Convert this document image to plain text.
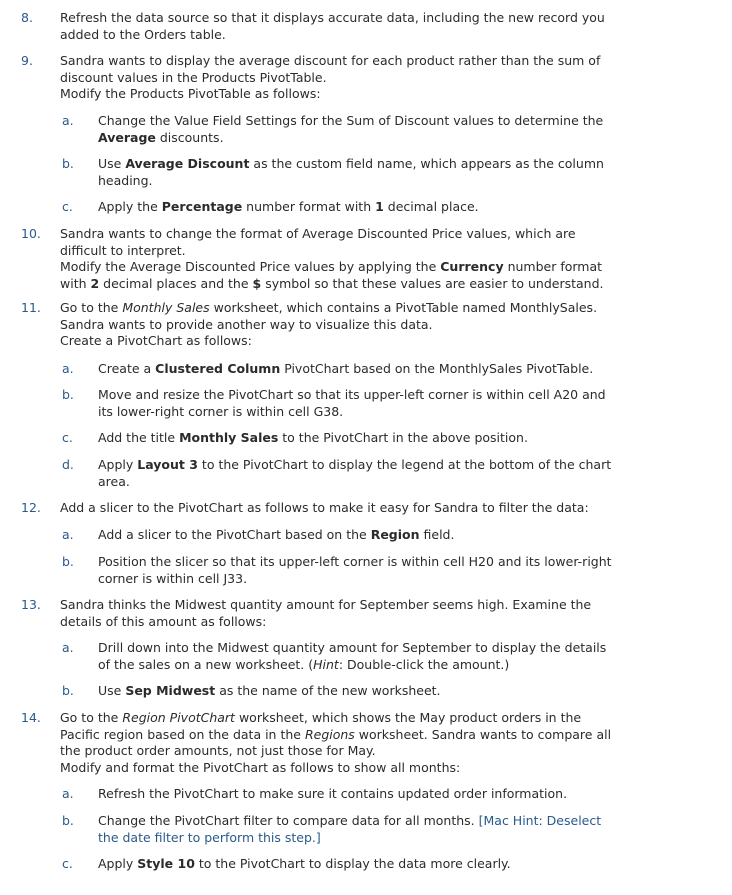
8.	Refresh the data source so that it displays accurate data, including the new record you
added to the Orders table.
9.	Sandra wants to display the average discount for each product rather than the sum of
discount values in the Products PivotTable.
Modify the Products PivotTable as follows:
a.	Change the Value Field Settings for the Sum of Discount values to determine the
Average discounts.
b.	Use Average Discount as the custom field name, which appears as the column
heading.
c.	Apply the Percentage number format with 1 decimal place.
10.	Sandra wants to change the format of Average Discounted Price values, which are
difficult to interpret.
Modify the Average Discounted Price values by applying the Currency number format
with 2 decimal places and the $ symbol so that these values are easier to understand.
11.	Go to the Monthly Sales worksheet, which contains a PivotTable named MonthlySales.
Sandra wants to provide another way to visualize this data.
Create a PivotChart as follows:
a.	Create a Clustered Column PivotChart based on the MonthlySales PivotTable.
b.	Move and resize the PivotChart so that its upper-left corner is within cell A20 and
its lower-right corner is within cell G38.
c.	Add the title Monthly Sales to the PivotChart in the above position.
d.	Apply Layout 3 to the PivotChart to display the legend at the bottom of the chart
area.
12.	Add a slicer to the PivotChart as follows to make it easy for Sandra to filter the data:
a.	Add a slicer to the PivotChart based on the Region field.
b.	Position the slicer so that its upper-left corner is within cell H20 and its lower-right
corner is within cell J33.
13.	Sandra thinks the Midwest quantity amount for September seems high. Examine the
details of this amount as follows:
a.	Drill down into the Midwest quantity amount for September to display the details
of the sales on a new worksheet. (Hint: Double-click the amount.)
b.	Use Sep Midwest as the name of the new worksheet.
14.	Go to the Region PivotChart worksheet, which shows the May product orders in the
Pacific region based on the data in the Regions worksheet. Sandra wants to compare all
the product order amounts, not just those for May.
Modify and format the PivotChart as follows to show all months:
a.	Refresh the PivotChart to make sure it contains updated order information.
b.	Change the PivotChart filter to compare data for all months. [Mac Hint: Deselect
the date filter to perform this step.]
c.	Apply Style 10 to the PivotChart to display the data more clearly.
